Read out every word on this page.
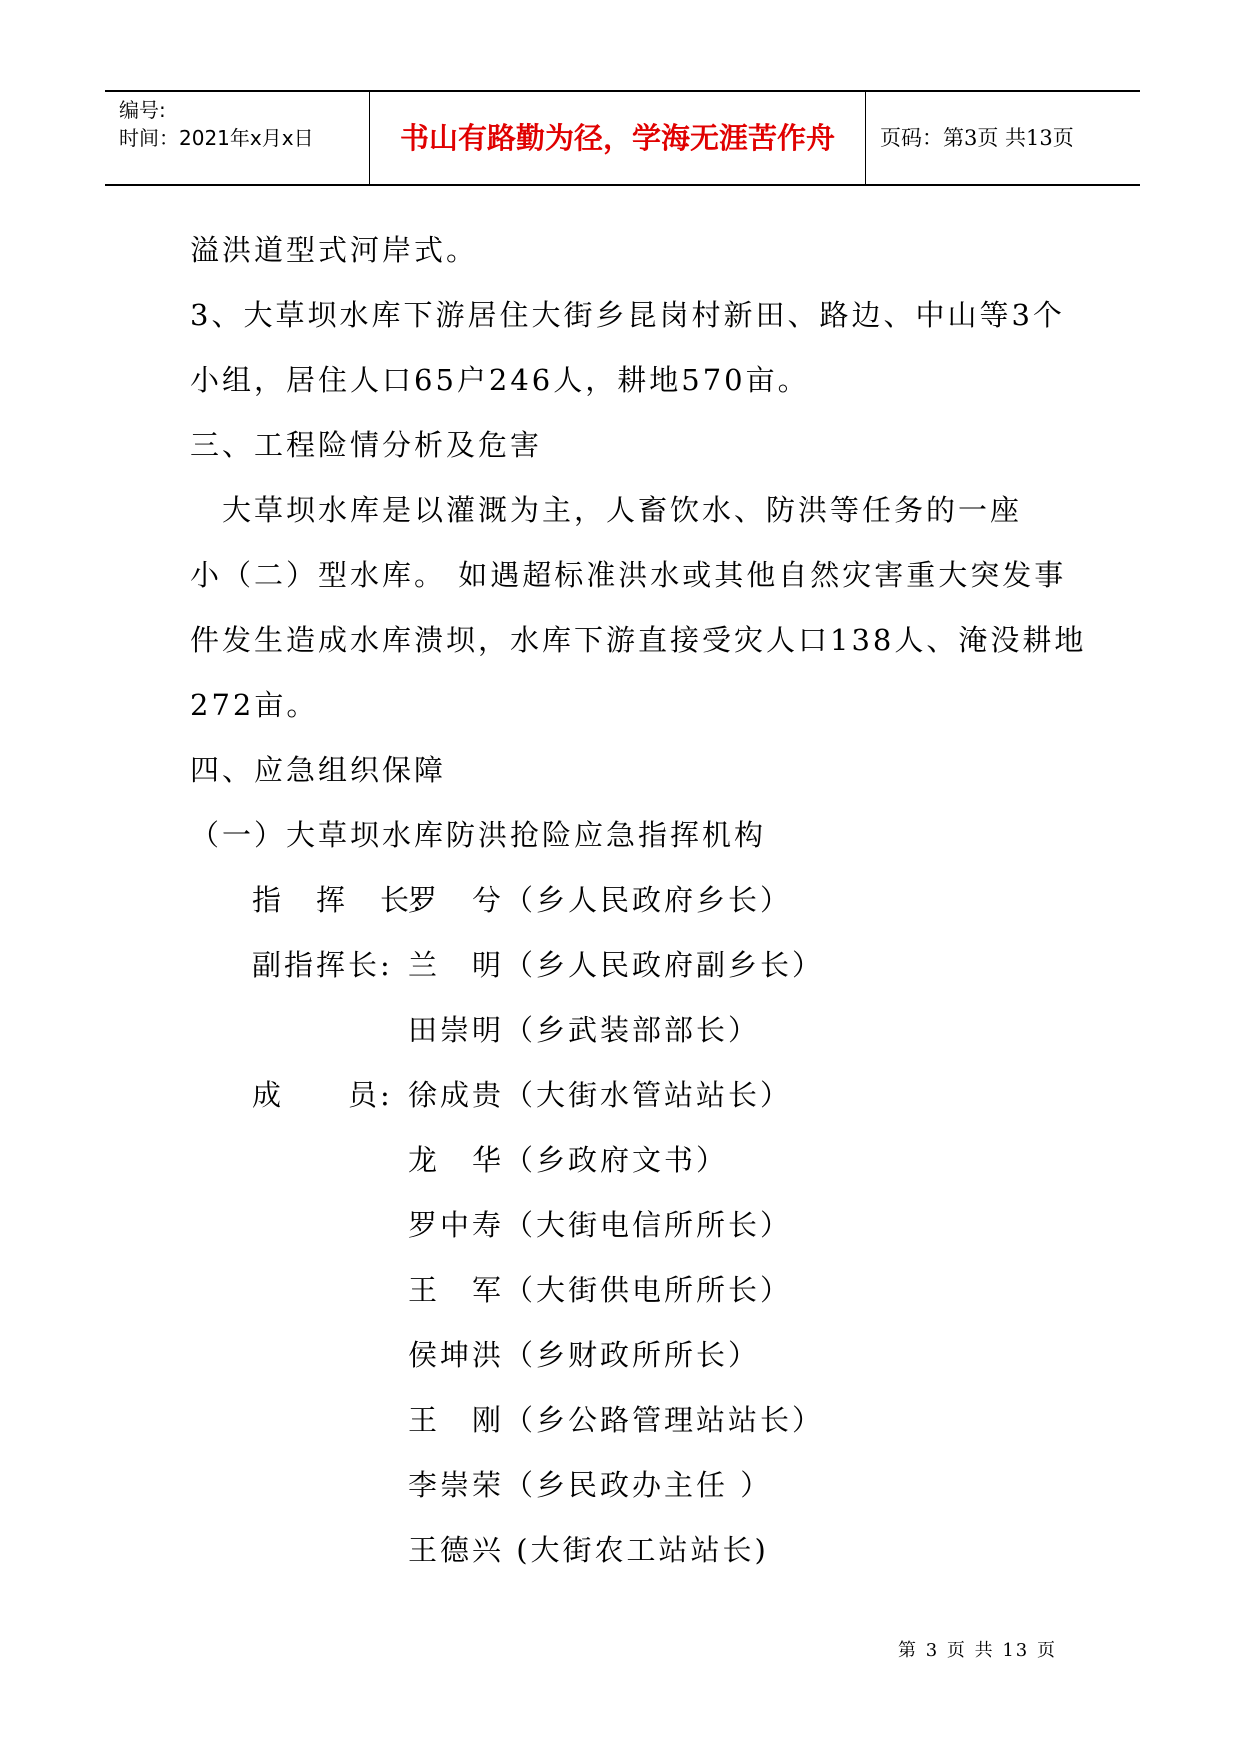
编号:
时间：2021年x月x日	书山有路勤为径，学海无涯苦作舟	页码：第3页 共13页
溢洪道型式河岸式。
3、大草坝水库下游居住大街乡昆岗村新田、路边、中山等3个
小组，居住人口65户246人，耕地570亩。
三、工程险情分析及危害
大草坝水库是以灌溉为主，人畜饮水、防洪等任务的一座
小（二）型水库。 如遇超标准洪水或其他自然灾害重大突发事
件发生造成水库溃坝，水库下游直接受灾人口138人、淹没耕地
272亩。
四、应急组织保障
（一）大草坝水库防洪抢险应急指挥机构
指　挥　长:
罗　兮（乡人民政府乡长）
副指挥长: 兰　明（乡人民政府副乡长）
田崇明（乡武装部部长）
成　　员: 徐成贵（大街水管站站长）
龙　华（乡政府文书）
罗中寿（大街电信所所长）
王　军（大街供电所所长）
侯坤洪（乡财政所所长）
王　刚（乡公路管理站站长）
李崇荣（乡民政办主任 ）
王德兴 (大街农工站站长)
第 3 页 共 13 页
